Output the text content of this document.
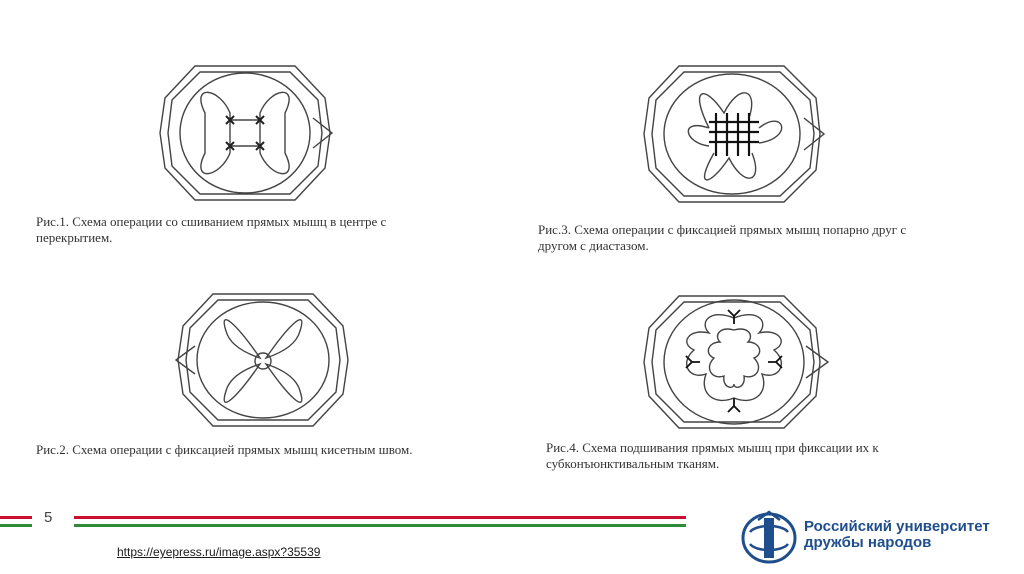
Рис.1. Схема операции со сшиванием прямых мышц в центре с перекрытием.
Рис.2. Схема операции с фиксацией прямых мышц кисетным швом.
Рис.3. Схема операции с фиксацией прямых мышц попарно друг с другом с диастазом.
Рис.4. Схема подшивания прямых мышц при фиксации их к субконъюнктивальным тканям.
5
https://eyepress.ru/image.aspx?35539
Российский университет
дружбы народов
